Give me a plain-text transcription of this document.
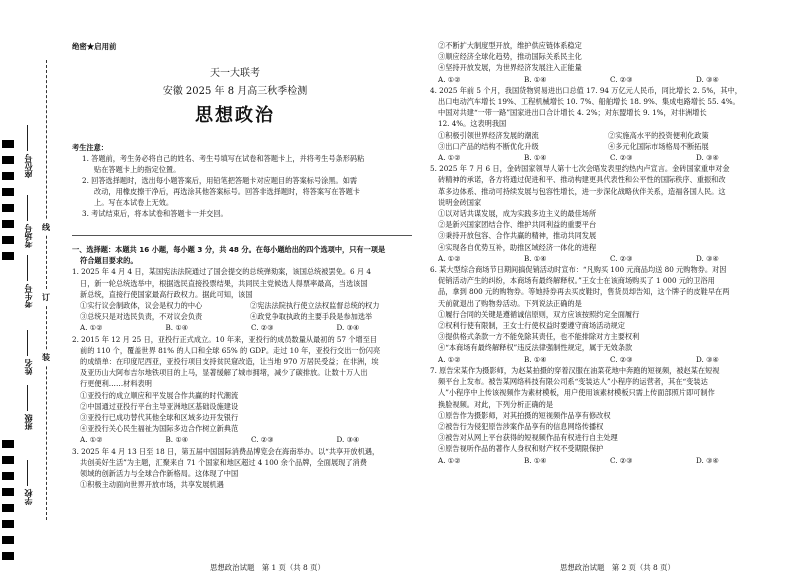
座位号
考场号
考生号
姓名
班级
学校
线
订
装
绝密★启用前
天一大联考
安徽 2025 年 8 月高三秋季检测
思想政治

考生注意：

1. 答题前，考生务必将自己的姓名、考生号填写在试卷和答题卡上，并将考生号条形码粘

贴在答题卡上的指定位置。

2. 回答选择题时，选出每小题答案后，用铅笔把答题卡对应题目的答案标号涂黑。如需

改动，用橡皮擦干净后，再选涂其他答案标号。回答非选择题时，将答案写在答题卡

上。写在本试卷上无效。

3. 考试结束后，将本试卷和答题卡一并交回。

一、选择题：本题共 16 小题，每小题 3 分，共 48 分。在每小题给出的四个选项中，只有一项是

符合题目要求的。

1. 2025 年 4 月 4 日，某国宪法法院通过了国会提交的总统弹劾案，该国总统被罢免。6 月 4

日，新一轮总统选举中，根据选民直接投票结果，共同民主党候选人得票率最高，当选该国

新总统，直接行使国家最高行政权力。据此可知，该国

①实行议会制政体，议会是权力的中心	②宪法法院执行使立法权监督总统的权力

③总统只是对选民负责，不对议会负责	④政党争取执政的主要手段是参加选举

A. ①②	B. ①④	C. ②③	D. ③④

2. 2015 年 12 月 25 日，亚投行正式成立。10 年来，亚投行的成员数量从最初的 57 个增至目

前的 110 个，覆盖世界 81% 的人口和全球 65% 的 GDP。走过 10 年，亚投行交出一份闪亮

的成绩单：在印度尼西亚，亚投行项目支持贫民窟改造，让当地 970 万居民受益；在非洲，埃

及亚历山大阿布吉尔地铁项目的上马，显著缓解了城市拥堵，减少了碳排放。让数十万人出

行更便利……材料表明

①亚投行的成立顺应和平发展合作共赢的时代潮流

②中国通过亚投行平台主导亚洲地区基础设施建设

③亚投行已成功替代其他全球和区域多边开发银行

④亚投行关心民生福祉为国际多边合作树立新典范

A. ①②	B. ①④	C. ②③	D. ③④

3. 2025 年 4 月 13 日至 18 日，第五届中国国际消费品博览会在海南举办。以“共享开放机遇，

共创美好生活”为主题，汇聚来自 71 个国家和地区超过 4 100 余个品牌，全面展现了消费

领域的创新活力与全球合作新格局。这体现了中国

①积极主动面向世界开放市场，共享发展机遇

②不断扩大制度型开放，维护供应链体系稳定

③顺应经济全球化趋势，推动国际关系民主化

④坚持开放发展，为世界经济发展注入正能量

A. ①②	B. ①④	C. ②③	D. ③④

4. 2025 年前 5 个月，我国货物贸易进出口总值 17. 94 万亿元人民币，同比增长 2. 5%，其中，

出口电动汽车增长 19%、工程机械增长 10. 7%、船舶增长 18. 9%、集成电路增长 55. 4%。

中国对共建“一带一路”国家进出口合计增长 4. 2%；对东盟增长 9. 1%，对非洲增长

12. 4%。这表明我国

①积极引领世界经济发展的潮流	②实施高水平的投资便利化政策

③出口产品的结构不断优化升级	④多元化国际市场格局不断拓展

A. ①②	B. ①④	C. ②③	D. ③④

5. 2025 年 7 月 6 日，金砖国家领导人第十七次会晤发表里约热内卢宣言。金砖国家重申对金

砖精神的承诺，各方将通过促进和平、推动构建更具代表性和公平性的国际秩序、重振和改

革多边体系、推动可持续发展与包容性增长，进一步深化战略伙伴关系，造福各国人民。这

说明金砖国家

①以对话共谋发展，成为实践多边主义的最佳场所

②是新兴国家团结合作、维护共同利益的重要平台

③秉持开放包容、合作共赢的精神，推动共同发展

④实现各自优势互补，助推区域经济一体化的进程

A. ①②	B. ①④	C. ②③	D. ③④

6. 某大型综合商场节日期间搞促销活动时宣布：“凡购买 100 元商品均送 80 元购物券。对因

促销活动产生的纠纷，本商场有最终解释权。”王女士在该商场购买了 1 000 元的卫浴用

品，拿到 800 元的购物券。等她持券再去买皮鞋时，售货员却告知，这个牌子的皮鞋早在两

天前就退出了购物券活动。下列说法正确的是

①履行合同的关键是遵循诚信原则，双方应该按照约定全面履行

②权利行使有限制，王女士行使权益时要遵守商场活动规定

③提供格式条款一方不能免除其责任，也不能排除对方主要权利

④“本商场有最终解释权”违反法律强制性规定，属于无效条款

A. ①②	B. ①④	C. ②③	D. ③④

7. 原告宋某作为摄影师，为赵某拍摄的穿着汉服在油菜花地中奔跑的短视频，被赵某在短视

频平台上发布。被告某网络科技有限公司系“变装达人”小程序的运营者，其在“变装达

人”小程序中上传该视频作为素材模板，用户使用该素材模板只需上传面部照片即可制作

换脸视频。对此，下列分析正确的是

①原告作为摄影师，对其拍摄的短视频作品享有修改权

②被告行为侵犯原告涉案作品享有的信息网络传播权

③被告对从网上平台获得的短视频作品有权进行自主处理

④原告视听作品的著作人身权和财产权不受期限保护

A. ①②	B. ①④	C. ②③	D. ③④

思想政治试题　第 1 页（共 8 页）	思想政治试题　第 2 页（共 8 页）
